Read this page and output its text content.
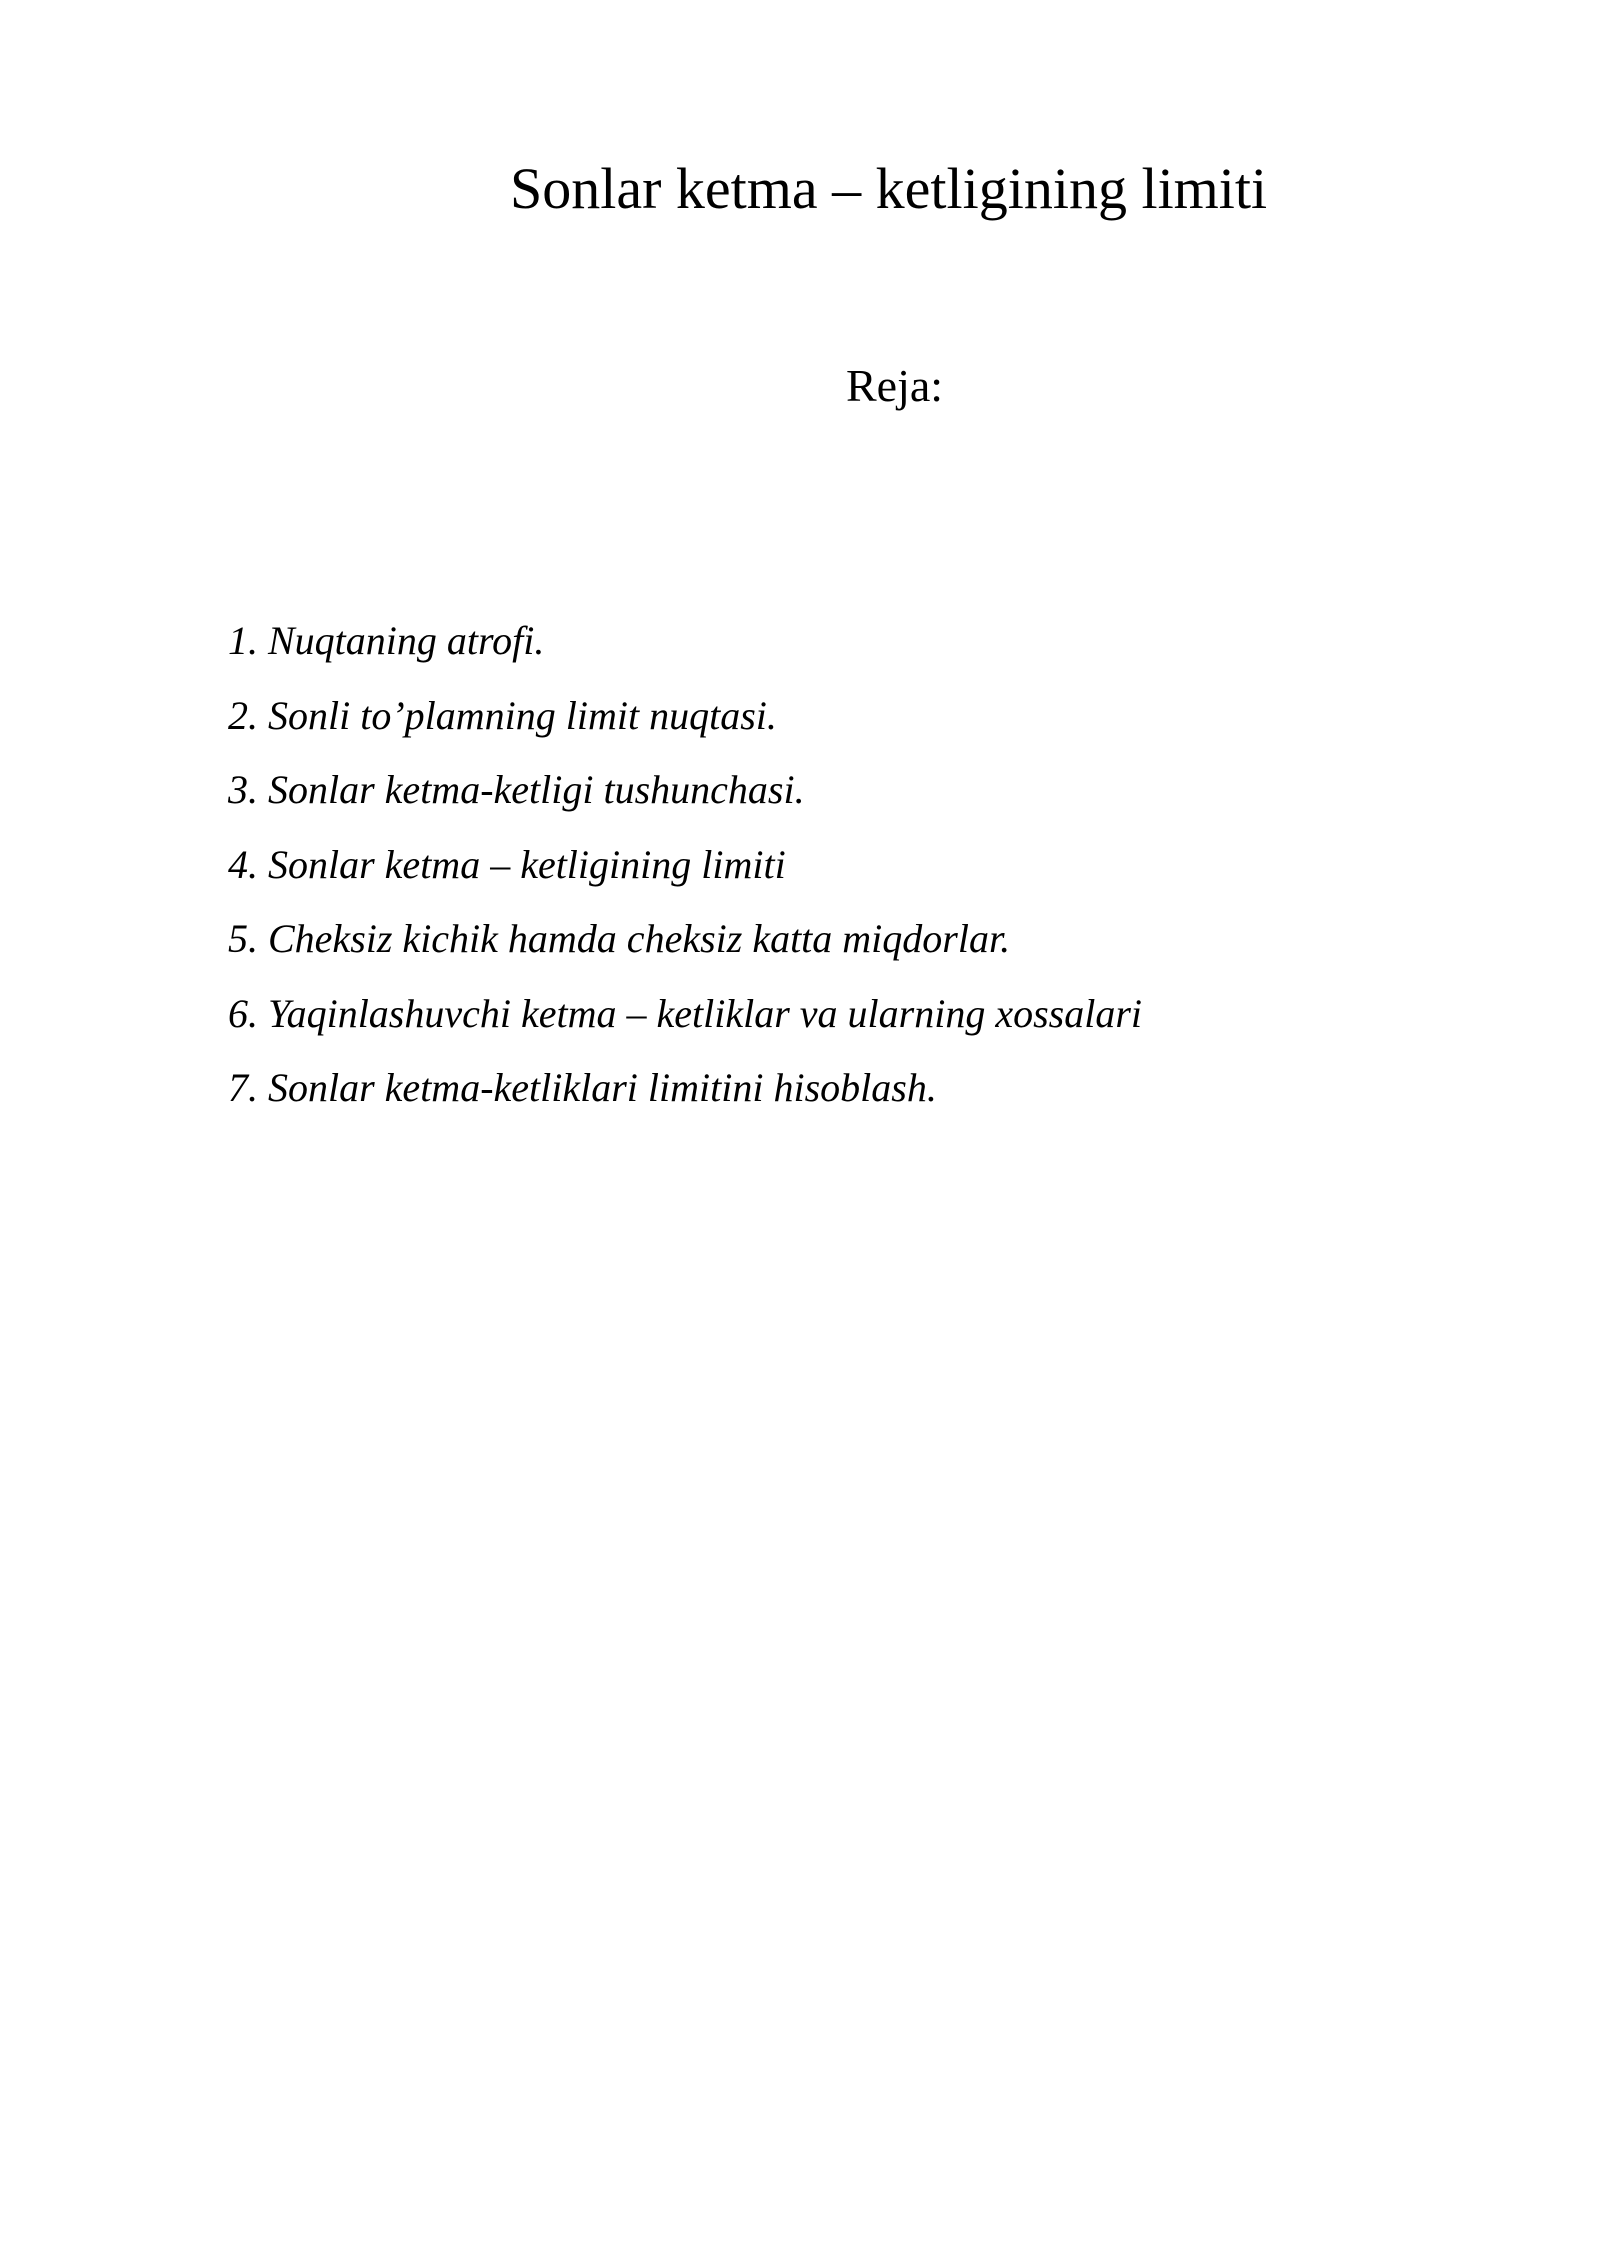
Sonlar ketma – ketligining limiti
Reja:
1. Nuqtaning atrofi.
2. Sonli to’plamning limit nuqtasi.
3. Sonlar ketma-ketligi tushunchasi.
4. Sonlar ketma – ketligining limiti
5. Cheksiz kichik hamda cheksiz katta miqdorlar.
6. Yaqinlashuvchi ketma – ketliklar va ularning xossalari
7. Sonlar ketma-ketliklari limitini hisoblash.
